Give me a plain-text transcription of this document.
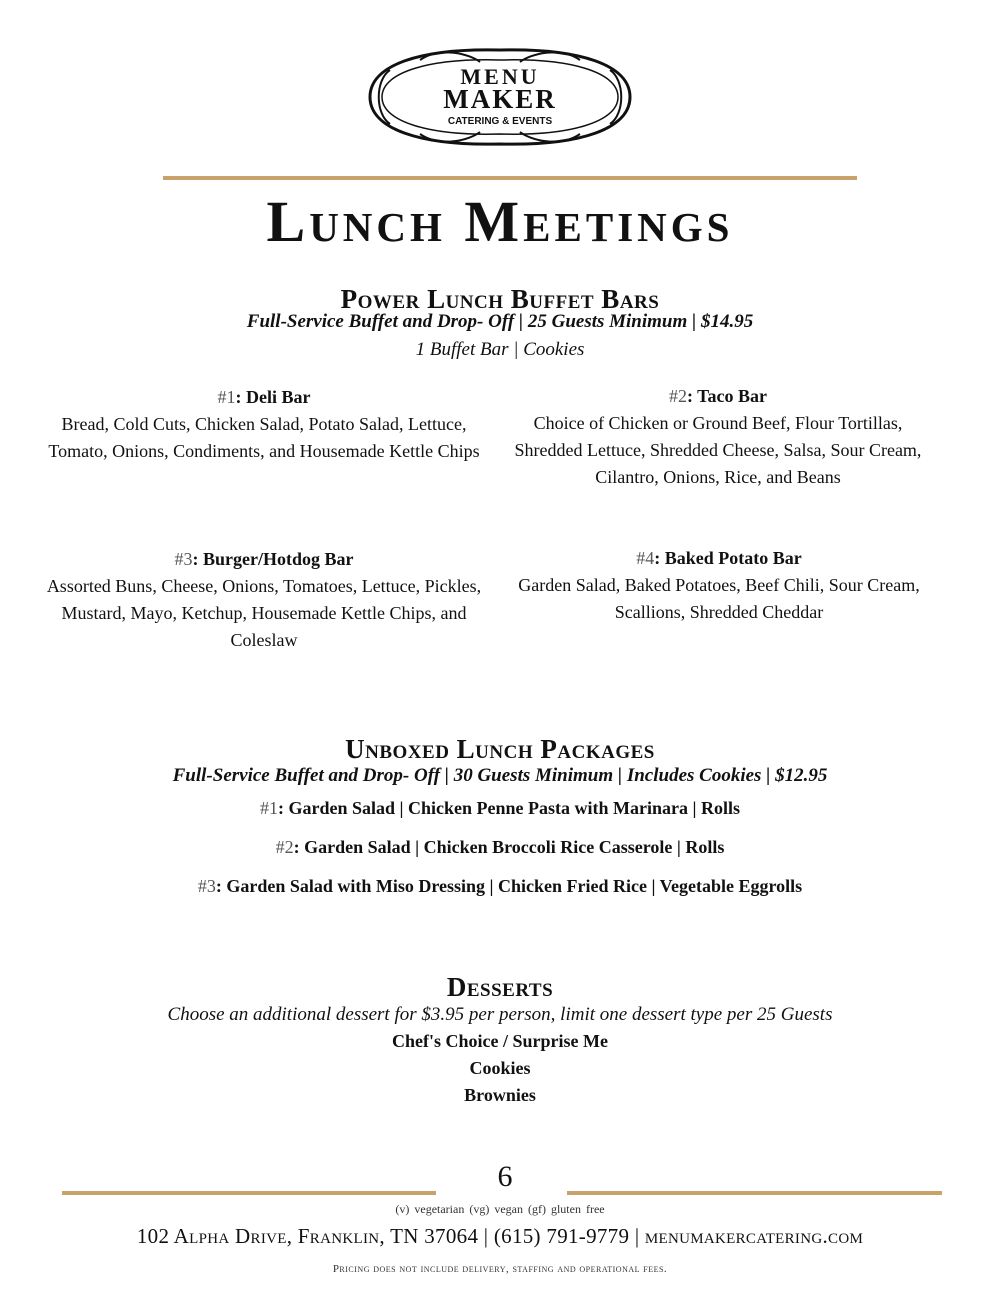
MENU
MAKER
CATERING & EVENTS
Lunch Meetings
Power Lunch Buffet Bars
Full-Service Buffet and Drop- Off | 25 Guests Minimum | $14.95
1 Buffet Bar | Cookies
#1: Deli Bar
Bread, Cold Cuts, Chicken Salad, Potato Salad, Lettuce, Tomato, Onions, Condiments, and Housemade Kettle Chips
#2: Taco Bar
Choice of Chicken or Ground Beef, Flour Tortillas, Shredded Lettuce, Shredded Cheese, Salsa, Sour Cream, Cilantro, Onions, Rice, and Beans
#3: Burger/Hotdog Bar
Assorted Buns, Cheese, Onions, Tomatoes, Lettuce, Pickles, Mustard, Mayo, Ketchup, Housemade Kettle Chips, and Coleslaw
#4: Baked Potato Bar
Garden Salad, Baked Potatoes, Beef Chili, Sour Cream, Scallions, Shredded Cheddar
Unboxed Lunch Packages
Full-Service Buffet and Drop- Off | 30 Guests Minimum | Includes Cookies | $12.95
#1: Garden Salad | Chicken Penne Pasta with Marinara | Rolls
#2: Garden Salad | Chicken Broccoli Rice Casserole | Rolls
#3: Garden Salad with Miso Dressing | Chicken Fried Rice | Vegetable Eggrolls
Desserts
Choose an additional dessert for $3.95 per person, limit one dessert type per 25 Guests
Chef's Choice / Surprise Me
Cookies
Brownies
6
(v) vegetarian (vg) vegan (gf) gluten free
102 Alpha Drive, Franklin, TN 37064 | (615) 791-9779 | menumakercatering.com
Pricing does not include delivery, staffing and operational fees.
